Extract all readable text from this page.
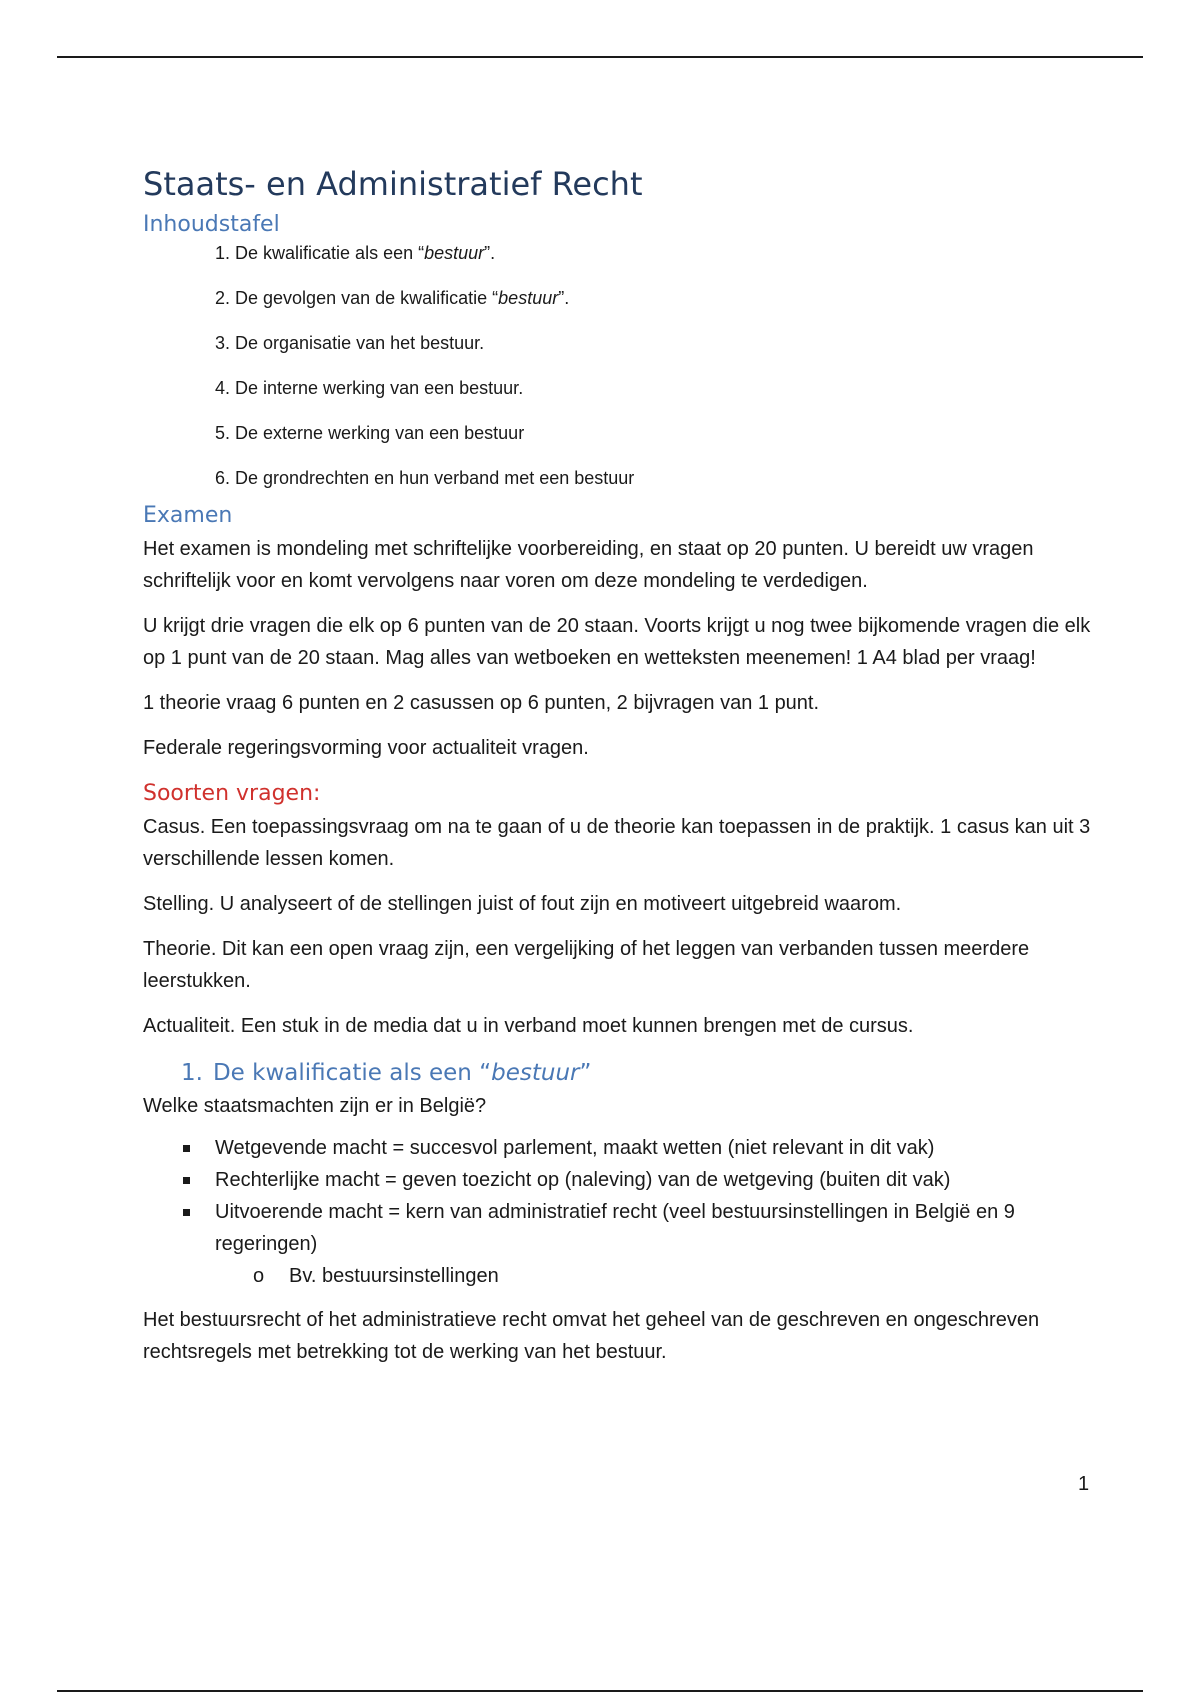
Staats- en Administratief Recht
Inhoudstafel
1. De kwalificatie als een “bestuur”.
2. De gevolgen van de kwalificatie “bestuur”.
3. De organisatie van het bestuur.
4. De interne werking van een bestuur.
5. De externe werking van een bestuur
6. De grondrechten en hun verband met een bestuur
Examen

Het examen is mondeling met schriftelijke voorbereiding, en staat op 20 punten. U bereidt uw vragen schriftelijk voor en komt vervolgens naar voren om deze mondeling te verdedigen.

U krijgt drie vragen die elk op 6 punten van de 20 staan. Voorts krijgt u nog twee bijkomende vragen die elk op 1 punt van de 20 staan. Mag alles van wetboeken en wetteksten meenemen! 1 A4 blad per vraag!

1 theorie vraag 6 punten en 2 casussen op 6 punten, 2 bijvragen van 1 punt.

Federale regeringsvorming voor actualiteit vragen.

Soorten vragen:

Casus. Een toepassingsvraag om na te gaan of u de theorie kan toepassen in de praktijk. 1 casus kan uit 3 verschillende lessen komen.

Stelling. U analyseert of de stellingen juist of fout zijn en motiveert uitgebreid waarom.

Theorie. Dit kan een open vraag zijn, een vergelijking of het leggen van verbanden tussen meerdere leerstukken.

Actualiteit. Een stuk in de media dat u in verband moet kunnen brengen met de cursus.

1. De kwalificatie als een “bestuur”

Welke staatsmachten zijn er in België?

Wetgevende macht = succesvol parlement, maakt wetten (niet relevant in dit vak)
Rechterlijke macht = geven toezicht op (naleving) van de wetgeving (buiten dit vak)
Uitvoerende macht = kern van administratief recht (veel bestuursinstellingen in België en 9 regeringen)
o Bv. bestuursinstellingen

Het bestuursrecht of het administratieve recht omvat het geheel van de geschreven en ongeschreven rechtsregels met betrekking tot de werking van het bestuur.

1
